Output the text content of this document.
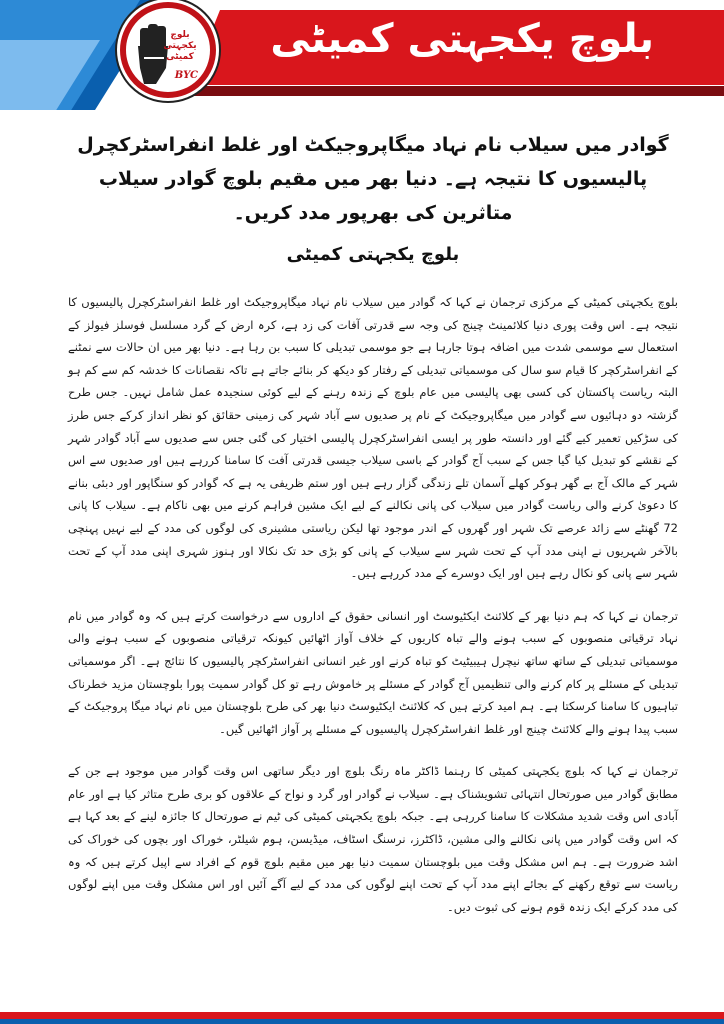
بلوچ یکجہتی کمیٹی
بلوچ یکجہتی کمیٹی
BYC
گوادر میں سیلاب نام نہاد میگاپروجیکٹ اور غلط انفراسٹرکچرل پالیسیوں کا نتیجہ ہے۔ دنیا بھر میں مقیم بلوچ گوادر سیلاب متاثرین کی بھرپور مدد کریں۔
بلوچ یکجہتی کمیٹی

بلوچ یکجہتی کمیٹی کے مرکزی ترجمان نے کہا کہ گوادر میں سیلاب نام نہاد میگاپروجیکٹ اور غلط انفراسٹرکچرل پالیسیوں کا نتیجہ ہے۔ اس وقت پوری دنیا کلائمینٹ چینج کی وجہ سے قدرتی آفات کی زد ہے، کرہ ارض کے گرد مسلسل فوسلز فیولز کے استعمال سے موسمی شدت میں اضافہ ہوتا جارہا ہے جو موسمی تبدیلی کا سبب بن رہا ہے۔ دنیا بھر میں ان حالات سے نمٹنے کے انفراسٹرکچر کا قیام سو سال کی موسمیاتی تبدیلی کے رفتار کو دیکھ کر بنائے جاتے ہے تاکہ نقصانات کا خدشہ کم سے کم ہو البتہ ریاست پاکستان کی کسی بھی پالیسی میں عام بلوچ کے زندہ رہنے کے لیے کوئی سنجیدہ عمل شامل نہیں۔ جس طرح گزشتہ دو دہائیوں سے گوادر میں میگاپروجیکٹ کے نام پر صدیوں سے آباد شہر کی زمینی حقائق کو نظر انداز کرکے جس طرز کی سڑکیں تعمیر کیے گئے اور دانستہ طور پر ایسی انفراسٹرکچرل پالیسی اختیار کی گئی جس سے صدیوں سے آباد گوادر شہر کے نقشے کو تبدیل کیا گیا جس کے سبب آج گوادر کے باسی سیلاب جیسی قدرتی آفت کا سامنا کررہے ہیں اور صدیوں سے اس شہر کے مالک آج بے گھر ہوکر کھلے آسمان تلے زندگی گزار رہے ہیں اور ستم ظریفی یہ ہے کہ گوادر کو سنگاپور اور دبئی بنانے کا دعویٰ کرنے والی ریاست گوادر میں سیلاب کی پانی نکالنے کے لیے ایک مشین فراہم کرنے میں بھی ناکام ہے۔ سیلاب کا پانی 72 گھنٹے سے زائد عرصے تک شہر اور گھروں کے اندر موجود تھا لیکن ریاستی مشینری کی لوگوں کی مدد کے لیے نہیں پہنچی بالآخر شہریوں نے اپنی مدد آپ کے تحت شہر سے سیلاب کے پانی کو بڑی حد تک نکالا اور ہنوز شہری اپنی مدد آپ کے تحت شہر سے پانی کو نکال رہے ہیں اور ایک دوسرے کے مدد کررہے ہیں۔

ترجمان نے کہا کہ ہم دنیا بھر کے کلائنٹ ایکٹیوسٹ اور انسانی حقوق کے اداروں سے درخواست کرتے ہیں کہ وہ گوادر میں نام نہاد ترقیاتی منصوبوں کے سبب ہونے والے تباہ کاریوں کے خلاف آواز اٹھائیں کیونکہ ترقیاتی منصوبوں کے سبب ہونے والی موسمیاتی تبدیلی کے ساتھ ساتھ نیچرل ہیبیٹیٹ کو تباہ کرنے اور غیر انسانی انفراسٹرکچر پالیسیوں کا نتائج ہے۔ اگر موسمیاتی تبدیلی کے مسئلے پر کام کرنے والی تنظیمیں آج گوادر کے مسئلے پر خاموش رہے تو کل گوادر سمیت پورا بلوچستان مزید خطرناک تباہیوں کا سامنا کرسکتا ہے۔ ہم امید کرتے ہیں کہ کلائنٹ ایکٹیوسٹ دنیا بھر کی طرح بلوچستان میں نام نہاد میگا پروجیکٹ کے سبب پیدا ہونے والے کلائنٹ چینج اور غلط انفراسٹرکچرل پالیسیوں کے مسئلے پر آواز اٹھائیں گیں۔

ترجمان نے کہا کہ بلوچ یکجہتی کمیٹی کا رہنما ڈاکٹر ماہ رنگ بلوچ اور دیگر ساتھی اس وقت گوادر میں موجود ہے جن کے مطابق گوادر میں صورتحال انتہائی تشویشناک ہے۔ سیلاب نے گوادر اور گرد و نواح کے علاقوں کو بری طرح متاثر کیا ہے اور عام آبادی اس وقت شدید مشکلات کا سامنا کررہی ہے۔ جبکہ بلوچ یکجہتی کمیٹی کی ٹیم نے صورتحال کا جائزہ لینے کے بعد کہا ہے کہ اس وقت گوادر میں پانی نکالنے والی مشین، ڈاکٹرز، نرسنگ اسٹاف، میڈیسن، ہوم شیلٹر، خوراک اور بچوں کی خوراک کی اشد ضرورت ہے۔ ہم اس مشکل وقت میں بلوچستان سمیت دنیا بھر میں مقیم بلوچ قوم کے افراد سے اپیل کرتے ہیں کہ وہ ریاست سے توقع رکھنے کے بجائے اپنے مدد آپ کے تحت اپنے لوگوں کی مدد کے لیے آگے آئیں اور اس مشکل وقت میں اپنے لوگوں کی مدد کرکے ایک زندہ قوم ہونے کی ثبوت دیں۔
